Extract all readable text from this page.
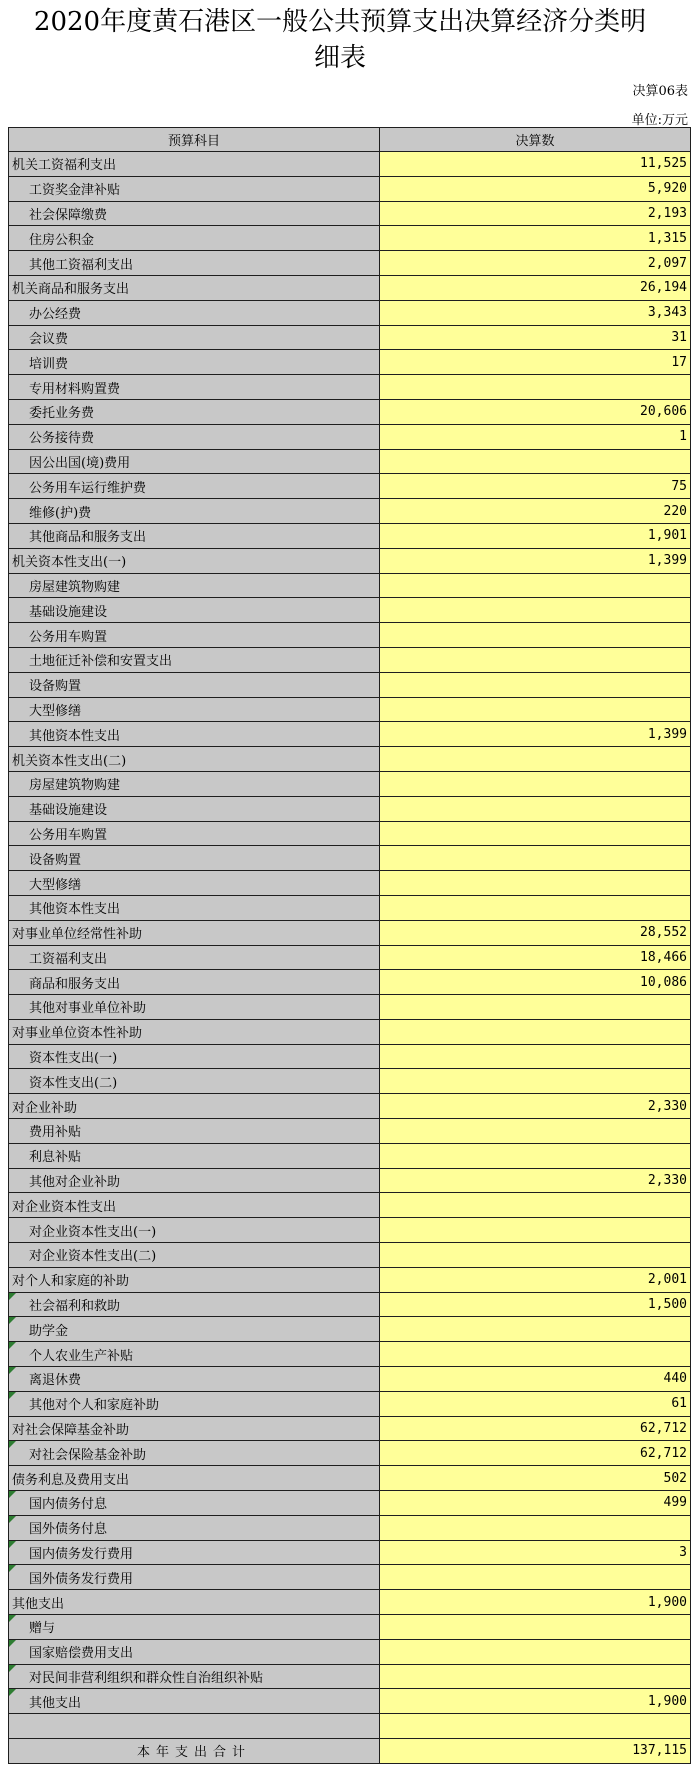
2020年度黄石港区一般公共预算支出决算经济分类明
细表
决算06表
单位:万元
预算科目	决算数
机关工资福利支出	11,525
工资奖金津补贴	5,920
社会保障缴费	2,193
住房公积金	1,315
其他工资福利支出	2,097
机关商品和服务支出	26,194
办公经费	3,343
会议费	31
培训费	17
专用材料购置费	
委托业务费	20,606
公务接待费	1
因公出国(境)费用	
公务用车运行维护费	75
维修(护)费	220
其他商品和服务支出	1,901
机关资本性支出(一)	1,399
房屋建筑物购建	
基础设施建设	
公务用车购置	
土地征迁补偿和安置支出	
设备购置	
大型修缮	
其他资本性支出	1,399
机关资本性支出(二)	
房屋建筑物购建	
基础设施建设	
公务用车购置	
设备购置	
大型修缮	
其他资本性支出	
对事业单位经常性补助	28,552
工资福利支出	18,466
商品和服务支出	10,086
其他对事业单位补助	
对事业单位资本性补助	
资本性支出(一)	
资本性支出(二)	
对企业补助	2,330
费用补贴	
利息补贴	
其他对企业补助	2,330
对企业资本性支出	
对企业资本性支出(一)	
对企业资本性支出(二)	
对个人和家庭的补助	2,001
社会福利和救助	1,500
助学金	
个人农业生产补贴	
离退休费	440
其他对个人和家庭补助	61
对社会保障基金补助	62,712
对社会保险基金补助	62,712
债务利息及费用支出	502
国内债务付息	499
国外债务付息	
国内债务发行费用	3
国外债务发行费用	
其他支出	1,900
赠与	
国家赔偿费用支出	
对民间非营利组织和群众性自治组织补贴	
其他支出	1,900

本年支出合计	137,115
